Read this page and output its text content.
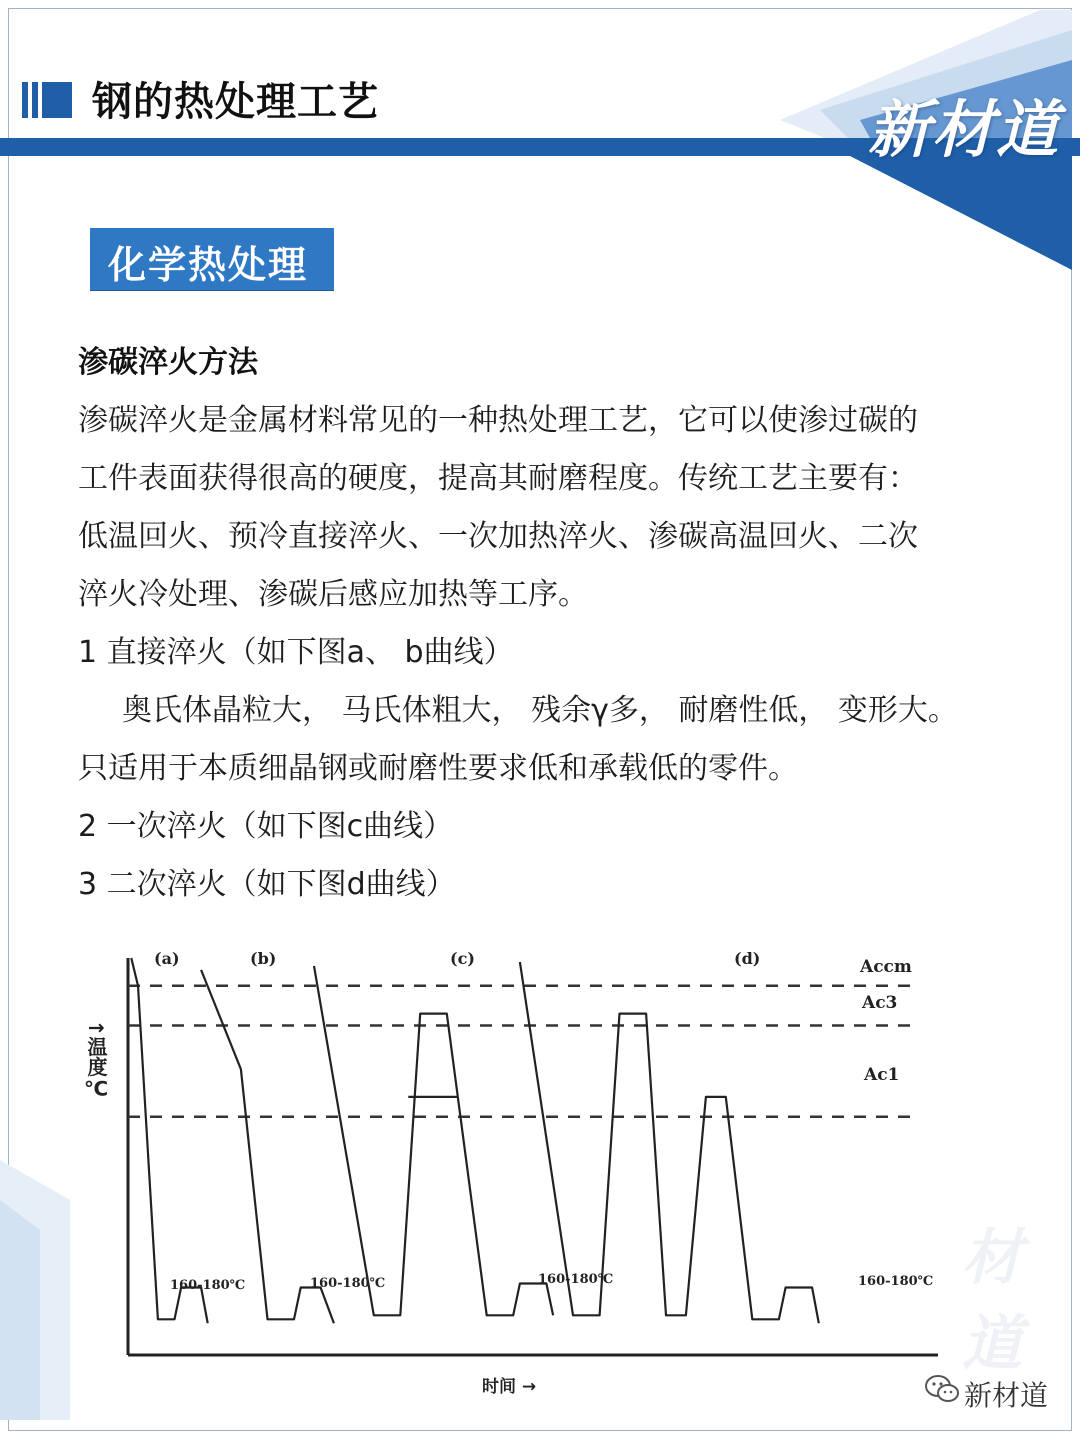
钢的热处理工艺	新材道
化学热处理
渗碳淬火方法
渗碳淬火是金属材料常见的一种热处理工艺，它可以使渗过碳的
工件表面获得很高的硬度，提高其耐磨程度。传统工艺主要有：
低温回火、预冷直接淬火、一次加热淬火、渗碳高温回火、二次
淬火冷处理、渗碳后感应加热等工序。
1 直接淬火（如下图a、 b曲线）
奥氏体晶粒大， 马氏体粗大， 残余γ多， 耐磨性低， 变形大。
只适用于本质细晶钢或耐磨性要求低和承载低的零件。
2 一次淬火（如下图c曲线）
3 二次淬火（如下图d曲线）
材道
Accm
Ac3
Ac1
(a)	(b)	(c)	(d)
↑温度℃
时间 →
160-180℃	160-180℃	160-180℃	160-180℃
新材道
